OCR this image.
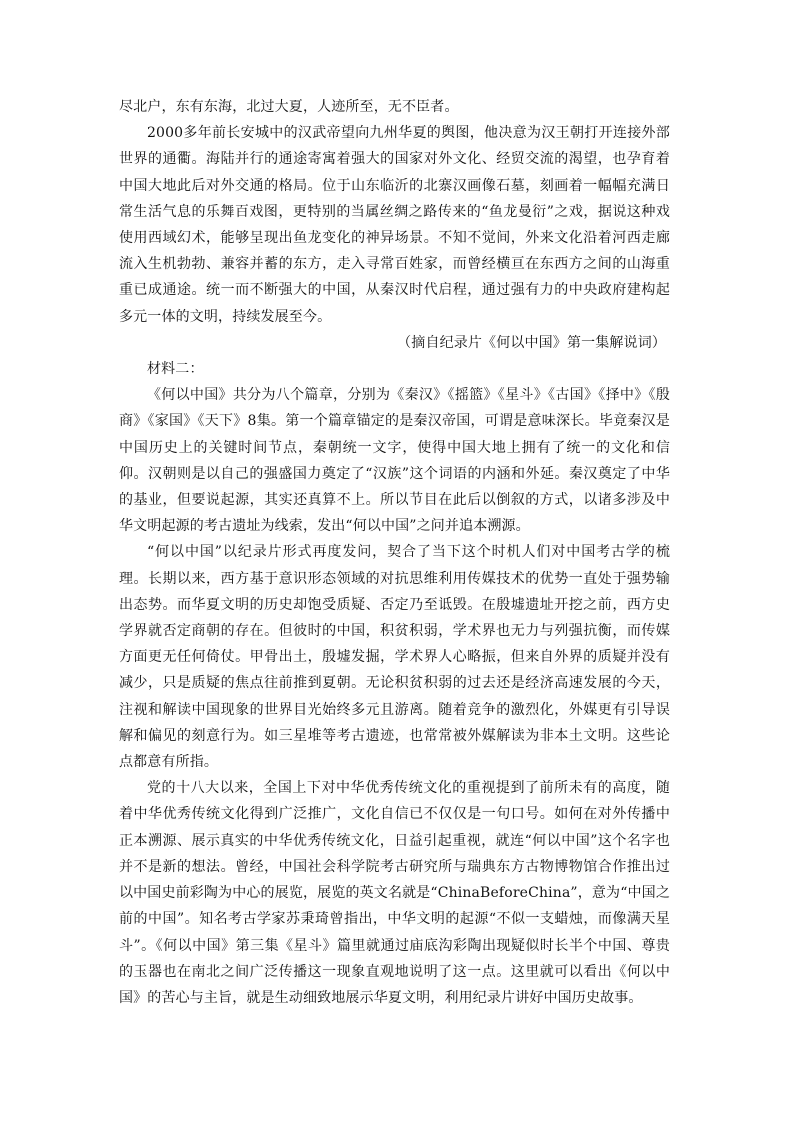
尽北户，东有东海，北过大夏，人迹所至，无不臣者。

2000多年前长安城中的汉武帝望向九州华夏的舆图，他决意为汉王朝打开连接外部世界的通衢。海陆并行的通途寄寓着强大的国家对外文化、经贸交流的渴望，也孕育着中国大地此后对外交通的格局。位于山东临沂的北寨汉画像石墓，刻画着一幅幅充满日常生活气息的乐舞百戏图，更特别的当属丝绸之路传来的“鱼龙曼衍”之戏，据说这种戏使用西域幻术，能够呈现出鱼龙变化的神异场景。不知不觉间，外来文化沿着河西走廊流入生机勃勃、兼容并蓄的东方，走入寻常百姓家，而曾经横亘在东西方之间的山海重重已成通途。统一而不断强大的中国，从秦汉时代启程，通过强有力的中央政府建构起多元一体的文明，持续发展至今。

（摘自纪录片《何以中国》第一集解说词）

材料二：

《何以中国》共分为八个篇章，分别为《秦汉》《摇篮》《星斗》《古国》《择中》《殷商》《家国》《天下》8集。第一个篇章锚定的是秦汉帝国，可谓是意味深长。毕竟秦汉是中国历史上的关键时间节点，秦朝统一文字，使得中国大地上拥有了统一的文化和信仰。汉朝则是以自己的强盛国力奠定了“汉族”这个词语的内涵和外延。秦汉奠定了中华的基业，但要说起源，其实还真算不上。所以节目在此后以倒叙的方式，以诸多涉及中华文明起源的考古遗址为线索，发出“何以中国”之问并追本溯源。

“何以中国”以纪录片形式再度发问，契合了当下这个时机人们对中国考古学的梳理。长期以来，西方基于意识形态领域的对抗思维利用传媒技术的优势一直处于强势输出态势。而华夏文明的历史却饱受质疑、否定乃至诋毁。在殷墟遗址开挖之前，西方史学界就否定商朝的存在。但彼时的中国，积贫积弱，学术界也无力与列强抗衡，而传媒方面更无任何倚仗。甲骨出土，殷墟发掘，学术界人心略振，但来自外界的质疑并没有减少，只是质疑的焦点往前推到夏朝。无论积贫积弱的过去还是经济高速发展的今天，注视和解读中国现象的世界目光始终多元且游离。随着竞争的激烈化，外媒更有引导误解和偏见的刻意行为。如三星堆等考古遗迹，也常常被外媒解读为非本土文明。这些论点都意有所指。

党的十八大以来，全国上下对中华优秀传统文化的重视提到了前所未有的高度，随着中华优秀传统文化得到广泛推广，文化自信已不仅仅是一句口号。如何在对外传播中正本溯源、展示真实的中华优秀传统文化，日益引起重视，就连“何以中国”这个名字也并不是新的想法。曾经，中国社会科学院考古研究所与瑞典东方古物博物馆合作推出过以中国史前彩陶为中心的展览，展览的英文名就是“ChinaBeforeChina”，意为“中国之前的中国”。知名考古学家苏秉琦曾指出，中华文明的起源“不似一支蜡烛，而像满天星斗”。《何以中国》第三集《星斗》篇里就通过庙底沟彩陶出现疑似时长半个中国、尊贵的玉器也在南北之间广泛传播这一现象直观地说明了这一点。这里就可以看出《何以中国》的苦心与主旨，就是生动细致地展示华夏文明，利用纪录片讲好中国历史故事。
